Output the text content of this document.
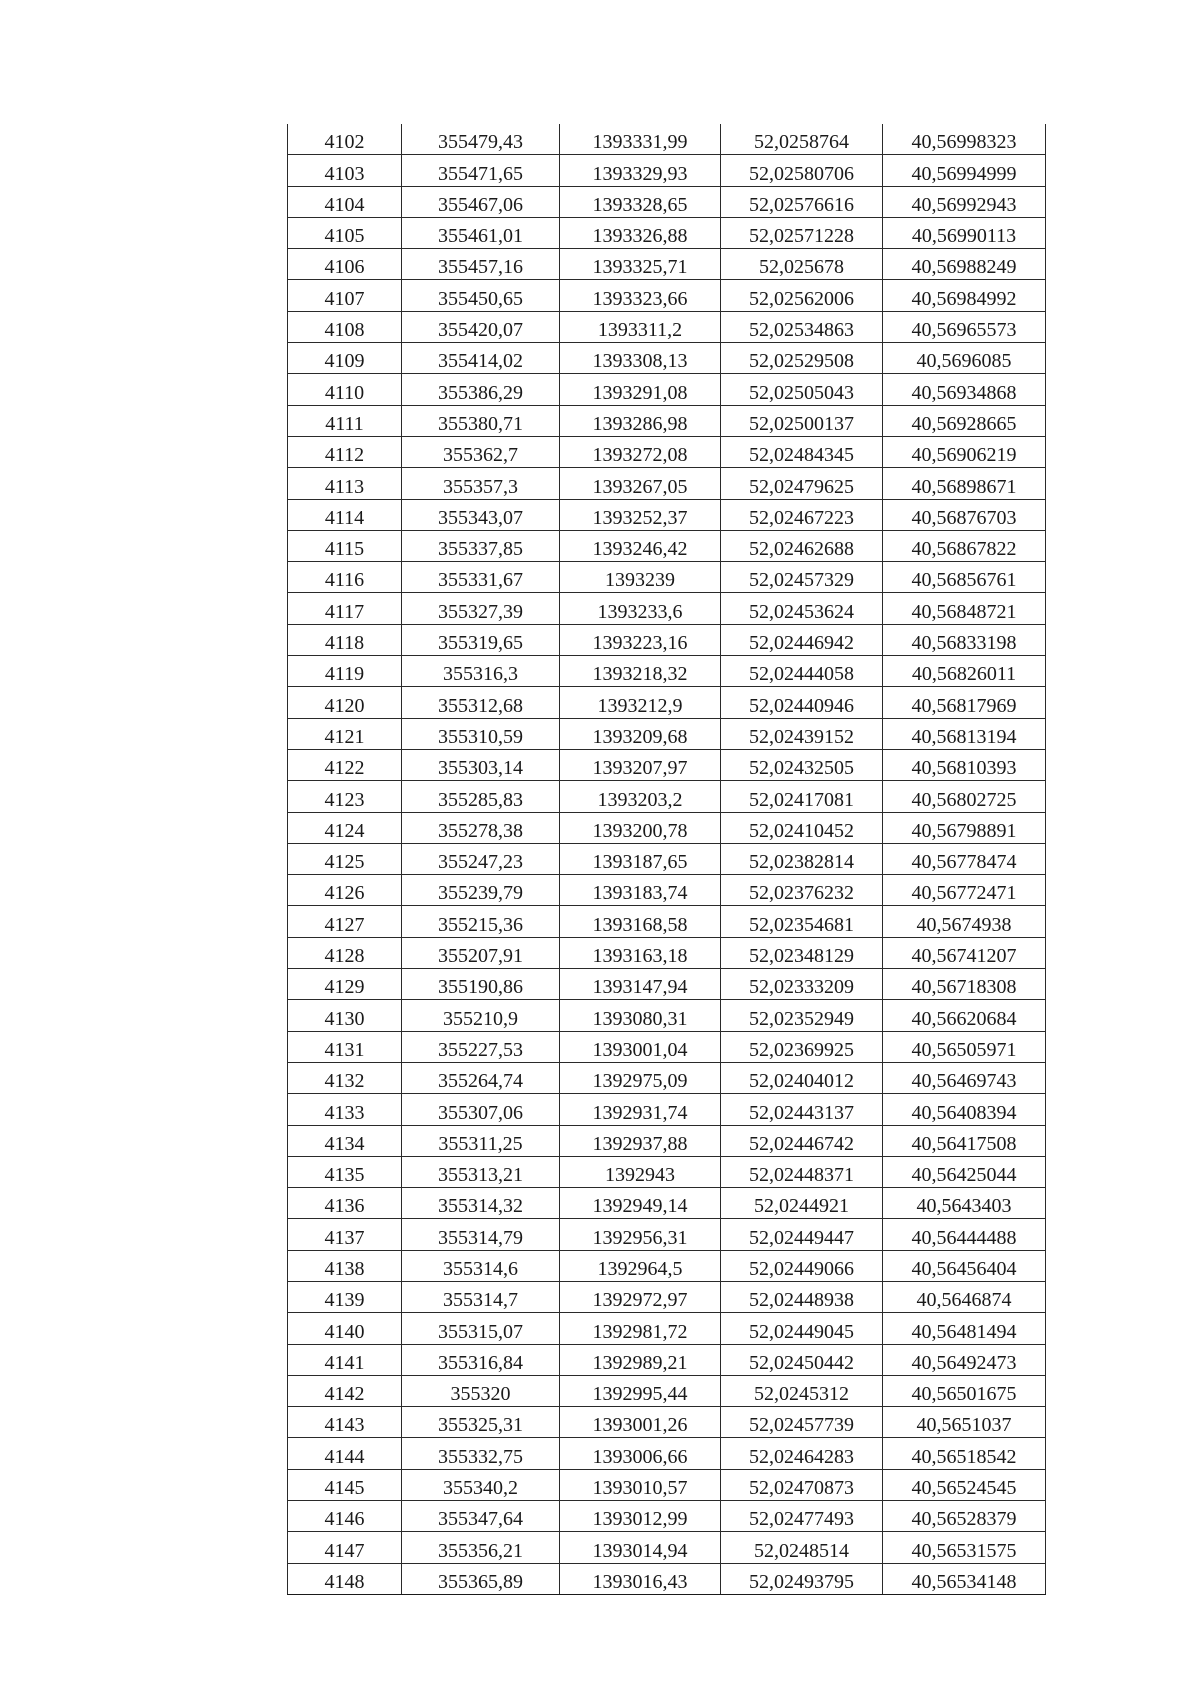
4102	355479,43	1393331,99	52,0258764	40,56998323
4103	355471,65	1393329,93	52,02580706	40,56994999
4104	355467,06	1393328,65	52,02576616	40,56992943
4105	355461,01	1393326,88	52,02571228	40,56990113
4106	355457,16	1393325,71	52,025678	40,56988249
4107	355450,65	1393323,66	52,02562006	40,56984992
4108	355420,07	1393311,2	52,02534863	40,56965573
4109	355414,02	1393308,13	52,02529508	40,5696085
4110	355386,29	1393291,08	52,02505043	40,56934868
4111	355380,71	1393286,98	52,02500137	40,56928665
4112	355362,7	1393272,08	52,02484345	40,56906219
4113	355357,3	1393267,05	52,02479625	40,56898671
4114	355343,07	1393252,37	52,02467223	40,56876703
4115	355337,85	1393246,42	52,02462688	40,56867822
4116	355331,67	1393239	52,02457329	40,56856761
4117	355327,39	1393233,6	52,02453624	40,56848721
4118	355319,65	1393223,16	52,02446942	40,56833198
4119	355316,3	1393218,32	52,02444058	40,56826011
4120	355312,68	1393212,9	52,02440946	40,56817969
4121	355310,59	1393209,68	52,02439152	40,56813194
4122	355303,14	1393207,97	52,02432505	40,56810393
4123	355285,83	1393203,2	52,02417081	40,56802725
4124	355278,38	1393200,78	52,02410452	40,56798891
4125	355247,23	1393187,65	52,02382814	40,56778474
4126	355239,79	1393183,74	52,02376232	40,56772471
4127	355215,36	1393168,58	52,02354681	40,5674938
4128	355207,91	1393163,18	52,02348129	40,56741207
4129	355190,86	1393147,94	52,02333209	40,56718308
4130	355210,9	1393080,31	52,02352949	40,56620684
4131	355227,53	1393001,04	52,02369925	40,56505971
4132	355264,74	1392975,09	52,02404012	40,56469743
4133	355307,06	1392931,74	52,02443137	40,56408394
4134	355311,25	1392937,88	52,02446742	40,56417508
4135	355313,21	1392943	52,02448371	40,56425044
4136	355314,32	1392949,14	52,0244921	40,5643403
4137	355314,79	1392956,31	52,02449447	40,56444488
4138	355314,6	1392964,5	52,02449066	40,56456404
4139	355314,7	1392972,97	52,02448938	40,5646874
4140	355315,07	1392981,72	52,02449045	40,56481494
4141	355316,84	1392989,21	52,02450442	40,56492473
4142	355320	1392995,44	52,0245312	40,56501675
4143	355325,31	1393001,26	52,02457739	40,5651037
4144	355332,75	1393006,66	52,02464283	40,56518542
4145	355340,2	1393010,57	52,02470873	40,56524545
4146	355347,64	1393012,99	52,02477493	40,56528379
4147	355356,21	1393014,94	52,0248514	40,56531575
4148	355365,89	1393016,43	52,02493795	40,56534148
